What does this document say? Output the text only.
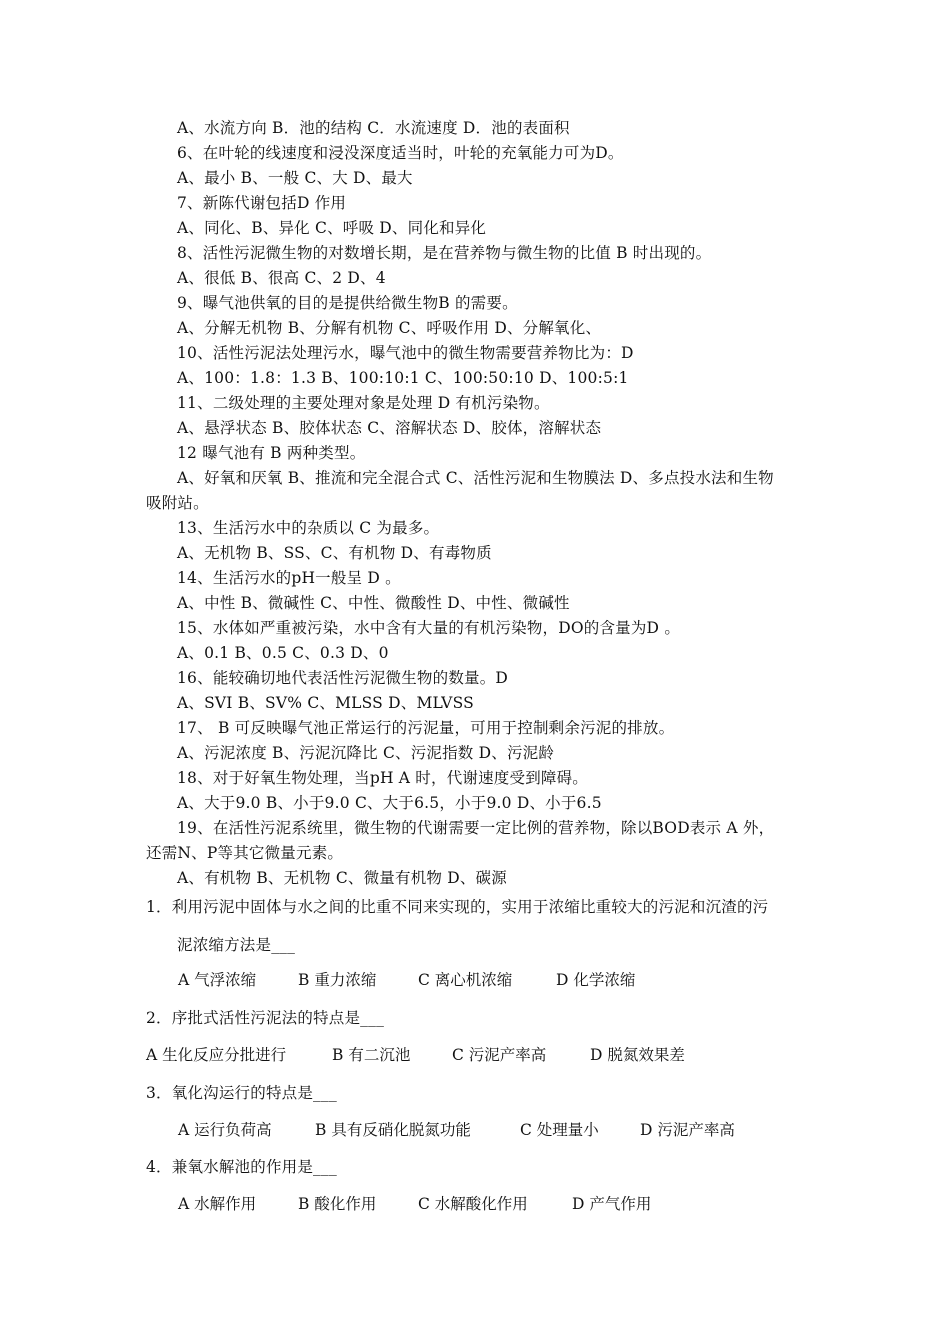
A、水流方向 B．池的结构 C．水流速度 D．池的表面积
6、在叶轮的线速度和浸没深度适当时，叶轮的充氧能力可为D。
A、最小 B、一般 C、大 D、最大
7、新陈代谢包括D 作用
A、同化、B、异化 C、呼吸 D、同化和异化
8、活性污泥微生物的对数增长期，是在营养物与微生物的比值 B 时出现的。
A、很低 B、很高 C、2 D、4
9、曝气池供氧的目的是提供给微生物B 的需要。
A、分解无机物 B、分解有机物 C、呼吸作用 D、分解氧化、
10、活性污泥法处理污水，曝气池中的微生物需要营养物比为：D
A、100：1.8：1.3 B、100:10:1 C、100:50:10 D、100:5:1
11、二级处理的主要处理对象是处理 D 有机污染物。
A、悬浮状态 B、胶体状态 C、溶解状态 D、胶体，溶解状态
12 曝气池有 B 两种类型。
A、好氧和厌氧 B、推流和完全混合式 C、活性污泥和生物膜法 D、多点投水法和生物
吸附站。
13、生活污水中的杂质以 C 为最多。
A、无机物 B、SS、C、有机物 D、有毒物质
14、生活污水的pH一般呈 D 。
A、中性 B、微碱性 C、中性、微酸性 D、中性、微碱性
15、水体如严重被污染，水中含有大量的有机污染物，DO的含量为D 。
A、0.1 B、0.5 C、0.3 D、0
16、能较确切地代表活性污泥微生物的数量。D
A、SVI B、SV% C、MLSS D、MLVSS
17、 B 可反映曝气池正常运行的污泥量，可用于控制剩余污泥的排放。
A、污泥浓度 B、污泥沉降比 C、污泥指数 D、污泥龄
18、对于好氧生物处理，当pH A 时，代谢速度受到障碍。
A、大于9.0 B、小于9.0 C、大于6.5，小于9.0 D、小于6.5
19、在活性污泥系统里，微生物的代谢需要一定比例的营养物，除以BOD表示 A 外，
还需N、P等其它微量元素。
A、有机物 B、无机物 C、微量有机物 D、碳源
1．利用污泥中固体与水之间的比重不同来实现的，实用于浓缩比重较大的污泥和沉渣的污
泥浓缩方法是___
A 气浮浓缩	B 重力浓缩	C 离心机浓缩	D 化学浓缩
2．序批式活性污泥法的特点是___
A 生化反应分批进行	B 有二沉池	C 污泥产率高	D 脱氮效果差
3．氧化沟运行的特点是___
A 运行负荷高	B 具有反硝化脱氮功能	C 处理量小	D 污泥产率高
4．兼氧水解池的作用是___
A 水解作用	B 酸化作用	C 水解酸化作用	D 产气作用
